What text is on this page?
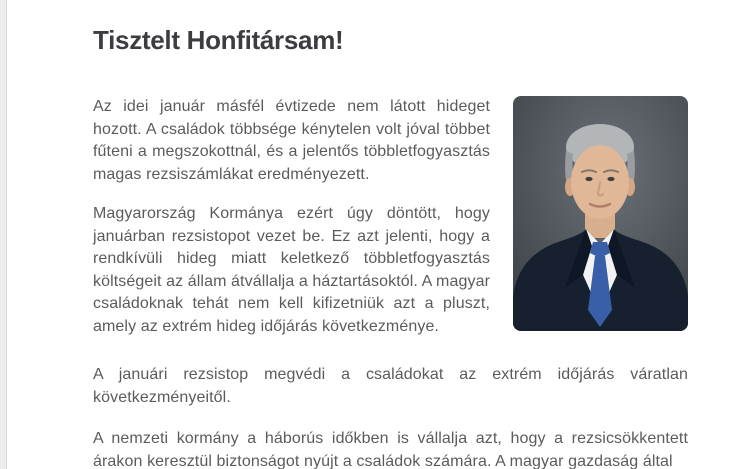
Tisztelt Honfitársam!

Az idei január másfél évtizede nem látott hideget hozott. A családok többsége kénytelen volt jóval többet fűteni a megszokottnál, és a jelentős többletfogyasztás magas rezsiszámlákat eredményezett.

Magyarország Kormánya ezért úgy döntött, hogy januárban rezsistopot vezet be. Ez azt jelenti, hogy a rendkívüli hideg miatt keletkező többletfogyasztás költségeit az állam átvállalja a háztartásoktól. A magyar családoknak tehát nem kell kifizetniük azt a pluszt, amely az extrém hideg időjárás következménye.

A januári rezsistop megvédi a családokat az extrém időjárás váratlan következményeitől.

A nemzeti kormány a háborús időkben is vállalja azt, hogy a rezsicsökkentett árakon keresztül biztonságot nyújt a családok számára. A magyar gazdaság által
